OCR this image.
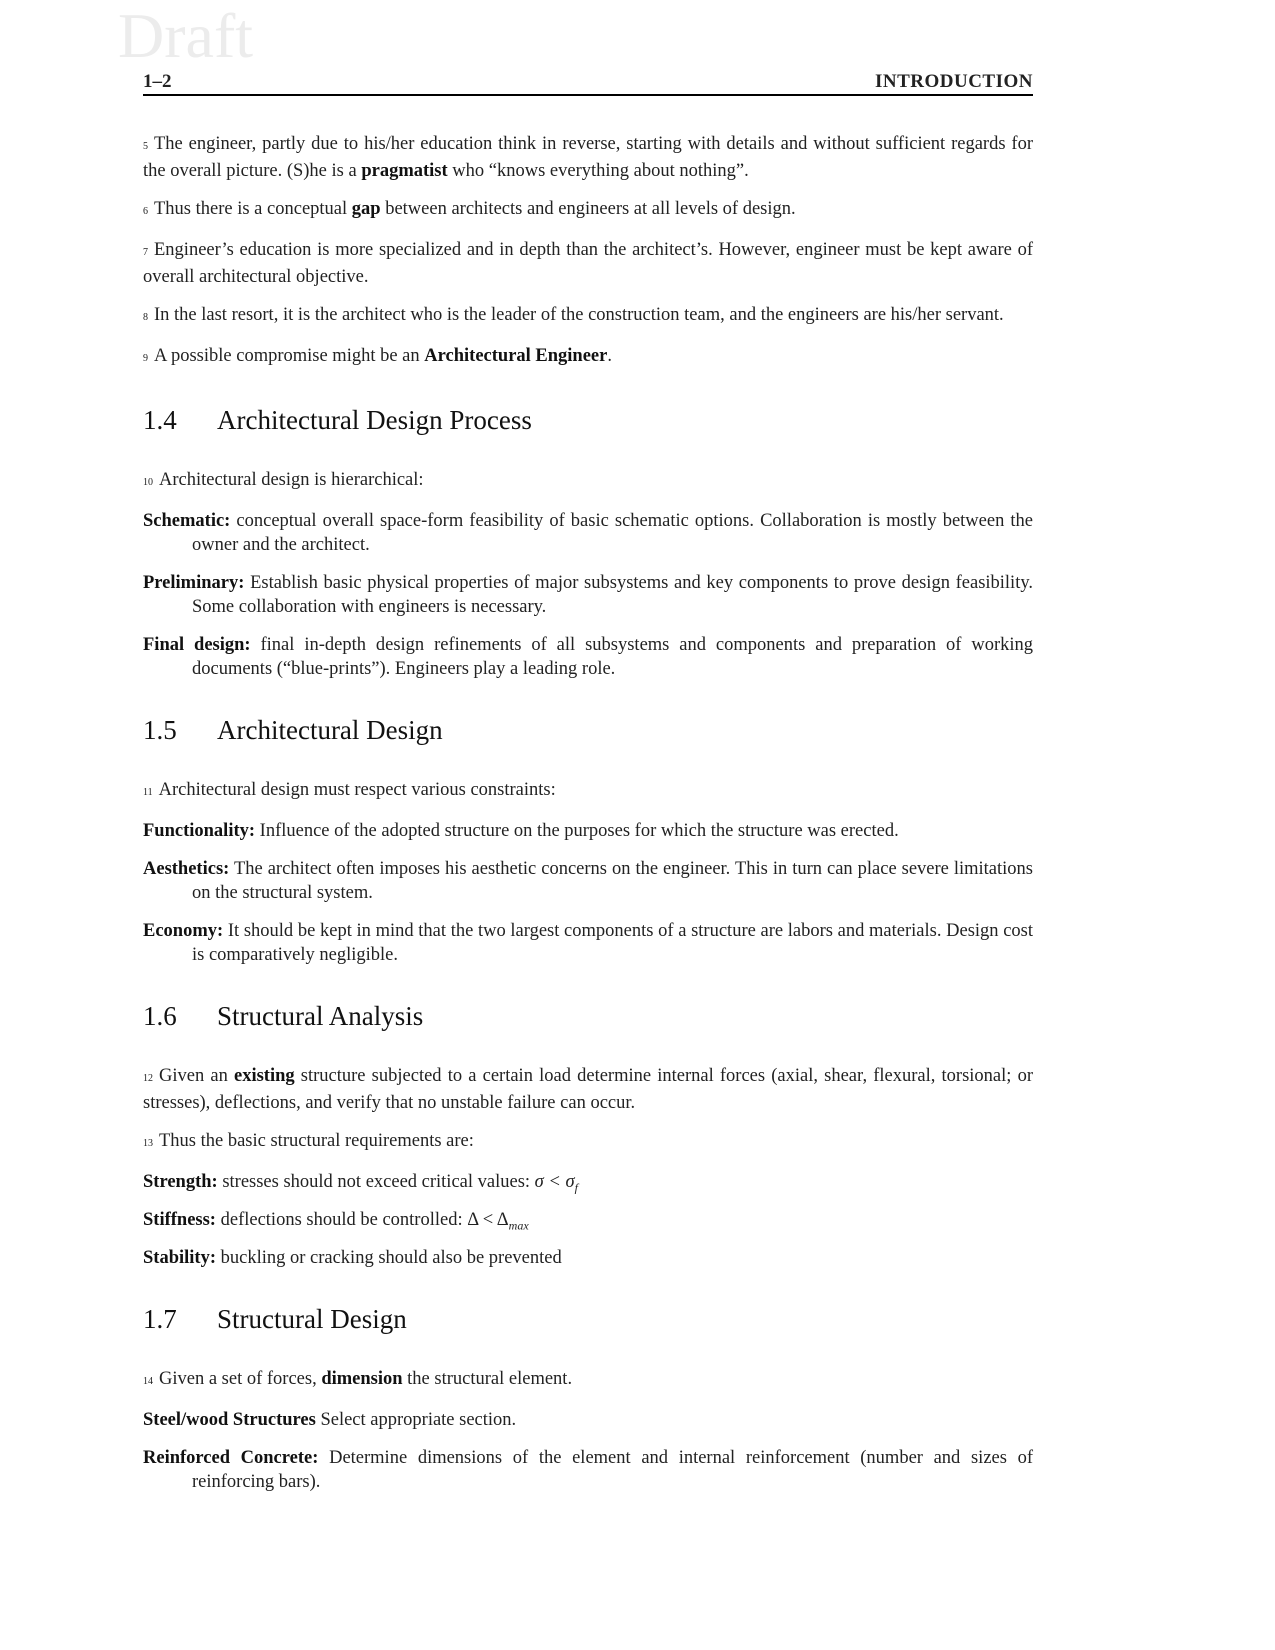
Draft
1–2	INTRODUCTION
5 The engineer, partly due to his/her education think in reverse, starting with details and without sufficient regards for the overall picture. (S)he is a pragmatist who “knows everything about nothing”.
6 Thus there is a conceptual gap between architects and engineers at all levels of design.
7 Engineer’s education is more specialized and in depth than the architect’s. However, engineer must be kept aware of overall architectural objective.
8 In the last resort, it is the architect who is the leader of the construction team, and the engineers are his/her servant.
9 A possible compromise might be an Architectural Engineer.
1.4 Architectural Design Process
10 Architectural design is hierarchical:
Schematic: conceptual overall space-form feasibility of basic schematic options. Collaboration is mostly between the owner and the architect.
Preliminary: Establish basic physical properties of major subsystems and key components to prove design feasibility. Some collaboration with engineers is necessary.
Final design: final in-depth design refinements of all subsystems and components and preparation of working documents (“blue-prints”). Engineers play a leading role.
1.5 Architectural Design
11 Architectural design must respect various constraints:
Functionality: Influence of the adopted structure on the purposes for which the structure was erected.
Aesthetics: The architect often imposes his aesthetic concerns on the engineer. This in turn can place severe limitations on the structural system.
Economy: It should be kept in mind that the two largest components of a structure are labors and materials. Design cost is comparatively negligible.
1.6 Structural Analysis
12 Given an existing structure subjected to a certain load determine internal forces (axial, shear, flexural, torsional; or stresses), deflections, and verify that no unstable failure can occur.
13 Thus the basic structural requirements are:
Strength: stresses should not exceed critical values: $\sigma < \sigma_f$
Stiffness: deflections should be controlled: $\Delta < \Delta_{max}$
Stability: buckling or cracking should also be prevented
1.7 Structural Design
14 Given a set of forces, dimension the structural element.
Steel/wood Structures Select appropriate section.
Reinforced Concrete: Determine dimensions of the element and internal reinforcement (number and sizes of reinforcing bars).
